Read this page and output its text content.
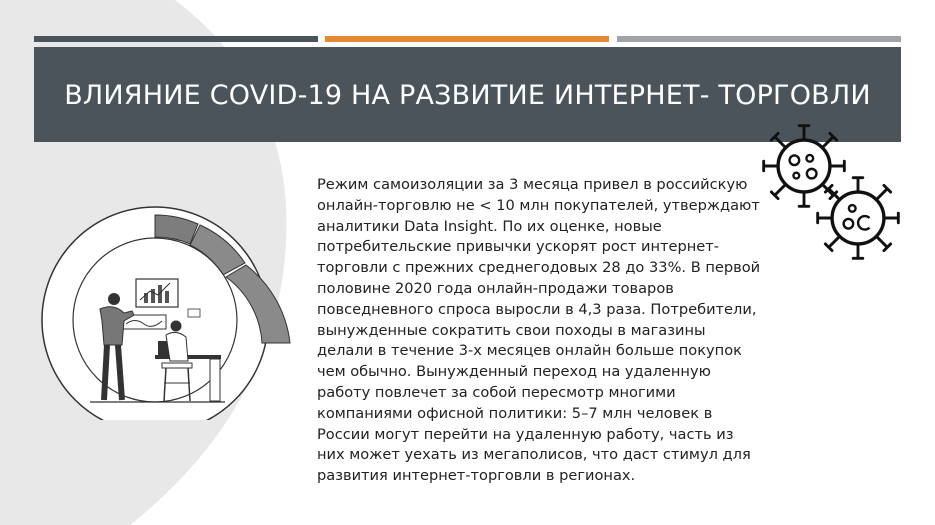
ВЛИЯНИЕ COVID-19 НА РАЗВИТИЕ ИНТЕРНЕТ- ТОРГОВЛИ

Режим самоизоляции за 3 месяца привел в российскую онлайн-торговлю не < 10 млн покупателей, утверждают аналитики Data Insight. По их оценке, новые потребительские привычки ускорят рост интернет-торговли с прежних среднегодовых 28 до 33%. В первой половине 2020 года онлайн-продажи товаров повседневного спроса выросли в 4,3 раза. Потребители, вынужденные сократить свои походы в магазины делали в течение 3-х месяцев онлайн больше покупок чем обычно. Вынужденный переход на удаленную работу повлечет за собой пересмотр многими компаниями офисной политики: 5–7 млн человек в России могут перейти на удаленную работу, часть из них может уехать из мегаполисов, что даст стимул для развития интернет-торговли в регионах.
